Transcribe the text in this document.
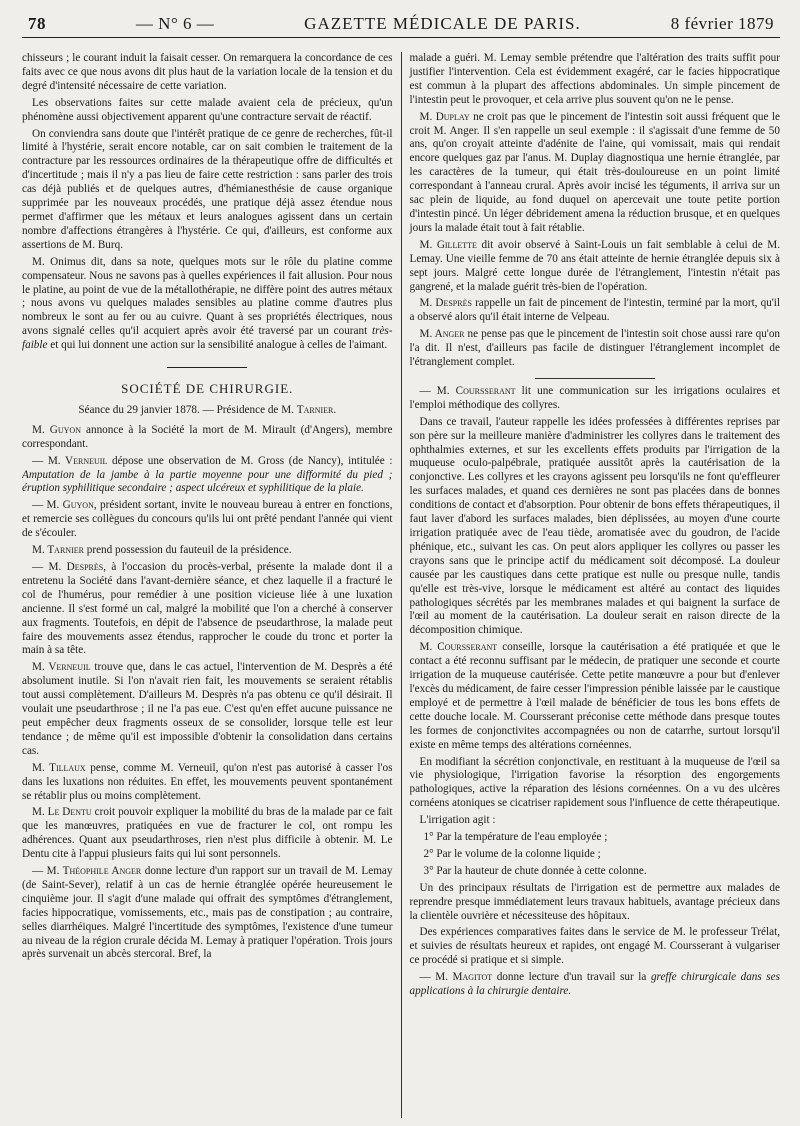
78	— N° 6 —	GAZETTE MÉDICALE DE PARIS.	8 février 1879

chisseurs ; le courant induit la faisait cesser. On remarquera la concordance de ces faits avec ce que nous avons dit plus haut de la variation locale de la tension et du degré d'intensité nécessaire de cette variation.

Les observations faites sur cette malade avaient cela de précieux, qu'un phénomène aussi objectivement apparent qu'une contracture servait de réactif.

On conviendra sans doute que l'intérêt pratique de ce genre de recherches, fût-il limité à l'hystérie, serait encore notable, car on sait combien le traitement de la contracture par les ressources ordinaires de la thérapeutique offre de difficultés et d'incertitude ; mais il n'y a pas lieu de faire cette restriction : sans parler des trois cas déjà publiés et de quelques autres, d'hémianesthésie de cause organique supprimée par les nouveaux procédés, une pratique déjà assez étendue nous permet d'affirmer que les métaux et leurs analogues agissent dans un certain nombre d'affections étrangères à l'hystérie. Ce qui, d'ailleurs, est conforme aux assertions de M. Burq.

M. Onimus dit, dans sa note, quelques mots sur le rôle du platine comme compensateur. Nous ne savons pas à quelles expériences il fait allusion. Pour nous le platine, au point de vue de la métallothérapie, ne diffère point des autres métaux ; nous avons vu quelques malades sensibles au platine comme d'autres plus nombreux le sont au fer ou au cuivre. Quant à ses propriétés électriques, nous avons signalé celles qu'il acquiert après avoir été traversé par un courant très-faible et qui lui donnent une action sur la sensibilité analogue à celles de l'aimant.

SOCIÉTÉ DE CHIRURGIE.
Séance du 29 janvier 1878. — Présidence de M. Tarnier.

M. Guyon annonce à la Société la mort de M. Mirault (d'Angers), membre correspondant.

— M. Verneuil dépose une observation de M. Gross (de Nancy), intitulée : Amputation de la jambe à la partie moyenne pour une difformité du pied ; éruption syphilitique secondaire ; aspect ulcéreux et syphilitique de la plaie.

— M. Guyon, président sortant, invite le nouveau bureau à entrer en fonctions, et remercie ses collègues du concours qu'ils lui ont prêté pendant l'année qui vient de s'écouler.

M. Tarnier prend possession du fauteuil de la présidence.

— M. Desprès, à l'occasion du procès-verbal, présente la malade dont il a entretenu la Société dans l'avant-dernière séance, et chez laquelle il a fracturé le col de l'humérus, pour remédier à une position vicieuse liée à une luxation ancienne. Il s'est formé un cal, malgré la mobilité que l'on a cherché à conserver aux fragments. Toutefois, en dépit de l'absence de pseudarthrose, la malade peut faire des mouvements assez étendus, rapprocher le coude du tronc et porter la main à sa tête.

M. Verneuil trouve que, dans le cas actuel, l'intervention de M. Desprès a été absolument inutile. Si l'on n'avait rien fait, les mouvements se seraient rétablis tout aussi complètement. D'ailleurs M. Desprès n'a pas obtenu ce qu'il désirait. Il voulait une pseudarthrose ; il ne l'a pas eue. C'est qu'en effet aucune puissance ne peut empêcher deux fragments osseux de se consolider, lorsque telle est leur tendance ; de même qu'il est impossible d'obtenir la consolidation dans certains cas.

M. Tillaux pense, comme M. Verneuil, qu'on n'est pas autorisé à casser l'os dans les luxations non réduites. En effet, les mouvements peuvent spontanément se rétablir plus ou moins complètement.

M. Le Dentu croit pouvoir expliquer la mobilité du bras de la malade par ce fait que les manœuvres, pratiquées en vue de fracturer le col, ont rompu les adhérences. Quant aux pseudarthroses, rien n'est plus difficile à obtenir. M. Le Dentu cite à l'appui plusieurs faits qui lui sont personnels.

— M. Théophile Anger donne lecture d'un rapport sur un travail de M. Lemay (de Saint-Sever), relatif à un cas de hernie étranglée opérée heureusement le cinquième jour. Il s'agit d'une malade qui offrait des symptômes d'étranglement, facies hippocratique, vomissements, etc., mais pas de constipation ; au contraire, selles diarrhéiques. Malgré l'incertitude des symptômes, l'existence d'une tumeur au niveau de la région crurale décida M. Lemay à pratiquer l'opération. Trois jours après survenait un abcès stercoral. Bref, la

malade a guéri. M. Lemay semble prétendre que l'altération des traits suffit pour justifier l'intervention. Cela est évidemment exagéré, car le facies hippocratique est commun à la plupart des affections abdominales. Un simple pincement de l'intestin peut le provoquer, et cela arrive plus souvent qu'on ne le pense.

M. Duplay ne croit pas que le pincement de l'intestin soit aussi fréquent que le croit M. Anger. Il s'en rappelle un seul exemple : il s'agissait d'une femme de 50 ans, qu'on croyait atteinte d'adénite de l'aine, qui vomissait, mais qui rendait encore quelques gaz par l'anus. M. Duplay diagnostiqua une hernie étranglée, par les caractères de la tumeur, qui était très-douloureuse en un point limité correspondant à l'anneau crural. Après avoir incisé les téguments, il arriva sur un sac plein de liquide, au fond duquel on apercevait une toute petite portion d'intestin pincé. Un léger débridement amena la réduction brusque, et en quelques jours la malade était tout à fait rétablie.

M. Gillette dit avoir observé à Saint-Louis un fait semblable à celui de M. Lemay. Une vieille femme de 70 ans était atteinte de hernie étranglée depuis six à sept jours. Malgré cette longue durée de l'étranglement, l'intestin n'était pas gangrené, et la malade guérit très-bien de l'opération.

M. Desprès rappelle un fait de pincement de l'intestin, terminé par la mort, qu'il a observé alors qu'il était interne de Velpeau.

M. Anger ne pense pas que le pincement de l'intestin soit chose aussi rare qu'on l'a dit. Il n'est, d'ailleurs pas facile de distinguer l'étranglement incomplet de l'étranglement complet.

— M. Coursserant lit une communication sur les irrigations oculaires et l'emploi méthodique des collyres.

Dans ce travail, l'auteur rappelle les idées professées à différentes reprises par son père sur la meilleure manière d'administrer les collyres dans le traitement des ophthalmies externes, et sur les excellents effets produits par l'irrigation de la muqueuse oculo-palpébrale, pratiquée aussitôt après la cautérisation de la conjonctive. Les collyres et les crayons agissent peu lorsqu'ils ne font qu'effleurer les surfaces malades, et quand ces dernières ne sont pas placées dans de bonnes conditions de contact et d'absorption. Pour obtenir de bons effets thérapeutiques, il faut laver d'abord les surfaces malades, bien déplissées, au moyen d'une courte irrigation pratiquée avec de l'eau tiède, aromatisée avec du goudron, de l'acide phénique, etc., suivant les cas. On peut alors appliquer les collyres ou passer les crayons sans que le principe actif du médicament soit décomposé. La douleur causée par les caustiques dans cette pratique est nulle ou presque nulle, tandis qu'elle est très-vive, lorsque le médicament est altéré au contact des liquides pathologiques sécrétés par les membranes malades et qui baignent la surface de l'œil au moment de la cautérisation. La douleur serait en raison directe de la décomposition chimique.

M. Coursserant conseille, lorsque la cautérisation a été pratiquée et que le contact a été reconnu suffisant par le médecin, de pratiquer une seconde et courte irrigation de la muqueuse cautérisée. Cette petite manœuvre a pour but d'enlever l'excès du médicament, de faire cesser l'impression pénible laissée par le caustique employé et de permettre à l'œil malade de bénéficier de tous les bons effets de cette douche locale. M. Coursserant préconise cette méthode dans presque toutes les formes de conjonctivites accompagnées ou non de catarrhe, surtout lorsqu'il existe en même temps des altérations cornéennes.

En modifiant la sécrétion conjonctivale, en restituant à la muqueuse de l'œil sa vie physiologique, l'irrigation favorise la résorption des engorgements pathologiques, active la réparation des lésions cornéennes. On a vu des ulcères cornéens atoniques se cicatriser rapidement sous l'influence de cette thérapeutique.

L'irrigation agit :

1° Par la température de l'eau employée ;
2° Par le volume de la colonne liquide ;
3° Par la hauteur de chute donnée à cette colonne.

Un des principaux résultats de l'irrigation est de permettre aux malades de reprendre presque immédiatement leurs travaux habituels, avantage précieux dans la clientèle ouvrière et nécessiteuse des hôpitaux.

Des expériences comparatives faites dans le service de M. le professeur Trélat, et suivies de résultats heureux et rapides, ont engagé M. Coursserant à vulgariser ce procédé si pratique et si simple.

— M. Magitot donne lecture d'un travail sur la greffe chirurgicale dans ses applications à la chirurgie dentaire.
